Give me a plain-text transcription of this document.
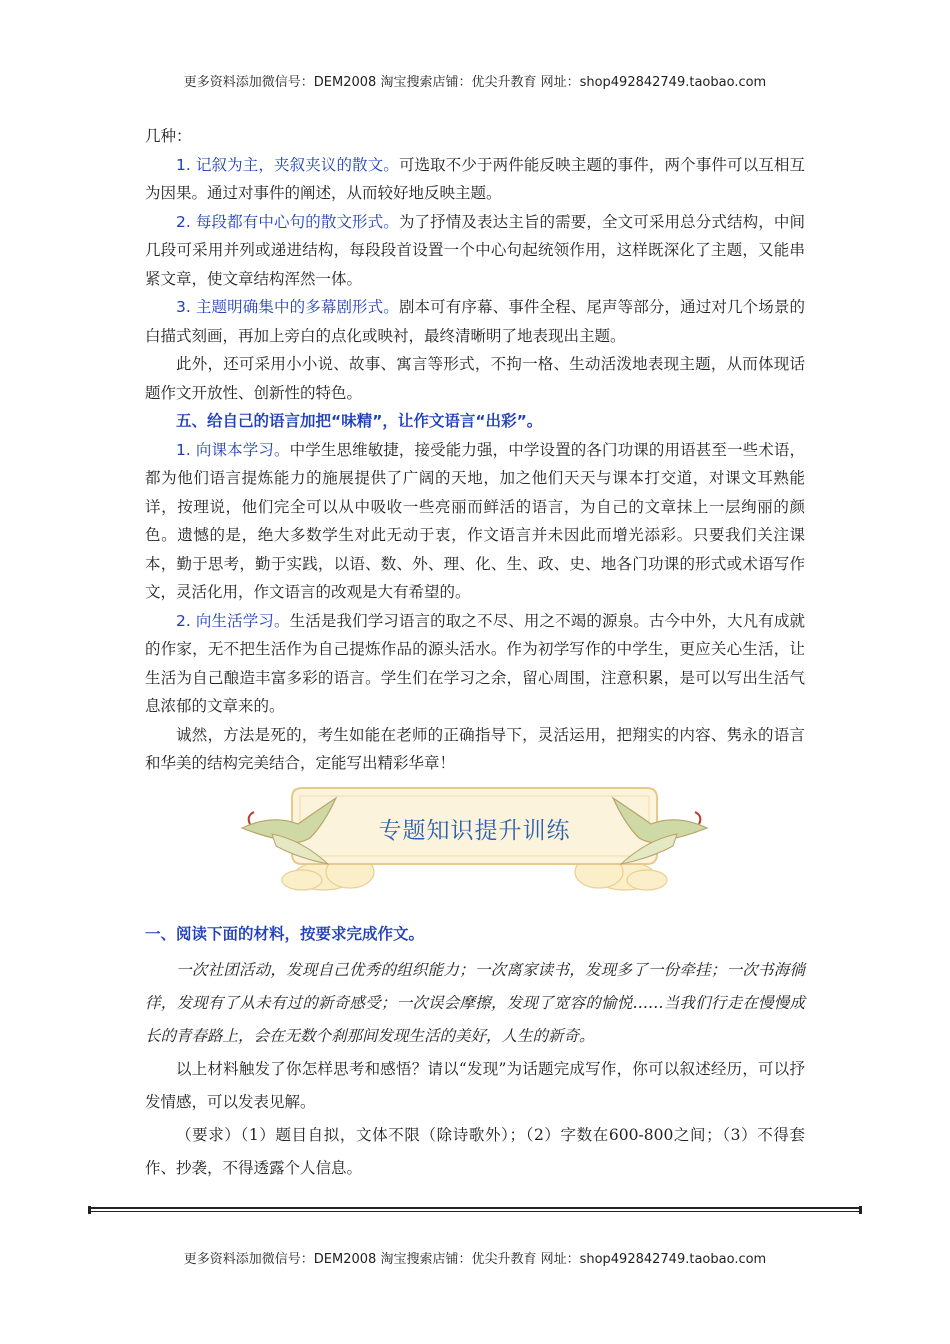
更多资料添加微信号：DEM2008 淘宝搜索店铺：优尖升教育 网址：shop492842749.taobao.com

几种：

1. 记叙为主，夹叙夹议的散文。可选取不少于两件能反映主题的事件，两个事件可以互相互为因果。通过对事件的阐述，从而较好地反映主题。

2. 每段都有中心句的散文形式。为了抒情及表达主旨的需要，全文可采用总分式结构，中间几段可采用并列或递进结构，每段段首设置一个中心句起统领作用，这样既深化了主题，又能串紧文章，使文章结构浑然一体。

3. 主题明确集中的多幕剧形式。剧本可有序幕、事件全程、尾声等部分，通过对几个场景的白描式刻画，再加上旁白的点化或映衬，最终清晰明了地表现出主题。

此外，还可采用小小说、故事、寓言等形式，不拘一格、生动活泼地表现主题，从而体现话题作文开放性、创新性的特色。

五、给自己的语言加把“味精”，让作文语言“出彩”。

1. 向课本学习。中学生思维敏捷，接受能力强，中学设置的各门功课的用语甚至一些术语，都为他们语言提炼能力的施展提供了广阔的天地，加之他们天天与课本打交道，对课文耳熟能详，按理说，他们完全可以从中吸收一些亮丽而鲜活的语言，为自己的文章抹上一层绚丽的颜色。遗憾的是，绝大多数学生对此无动于衷，作文语言并未因此而增光添彩。只要我们关注课本，勤于思考，勤于实践，以语、数、外、理、化、生、政、史、地各门功课的形式或术语写作文，灵活化用，作文语言的改观是大有希望的。

2. 向生活学习。生活是我们学习语言的取之不尽、用之不竭的源泉。古今中外，大凡有成就的作家，无不把生活作为自己提炼作品的源头活水。作为初学写作的中学生，更应关心生活，让生活为自己酿造丰富多彩的语言。学生们在学习之余，留心周围，注意积累，是可以写出生活气息浓郁的文章来的。

诚然，方法是死的，考生如能在老师的正确指导下，灵活运用，把翔实的内容、隽永的语言和华美的结构完美结合，定能写出精彩华章！

专题知识提升训练
一、阅读下面的材料，按要求完成作文。

一次社团活动，发现自己优秀的组织能力；一次离家读书，发现多了一份牵挂；一次书海徜徉，发现有了从未有过的新奇感受；一次误会摩擦，发现了宽容的愉悦……当我们行走在慢慢成长的青春路上，会在无数个刹那间发现生活的美好，人生的新奇。

以上材料触发了你怎样思考和感悟？请以“发现”为话题完成写作，你可以叙述经历，可以抒发情感，可以发表见解。

（要求）（1）题目自拟，文体不限（除诗歌外）；（2）字数在600-800之间；（3）不得套作、抄袭，不得透露个人信息。

更多资料添加微信号：DEM2008 淘宝搜索店铺：优尖升教育 网址：shop492842749.taobao.com
